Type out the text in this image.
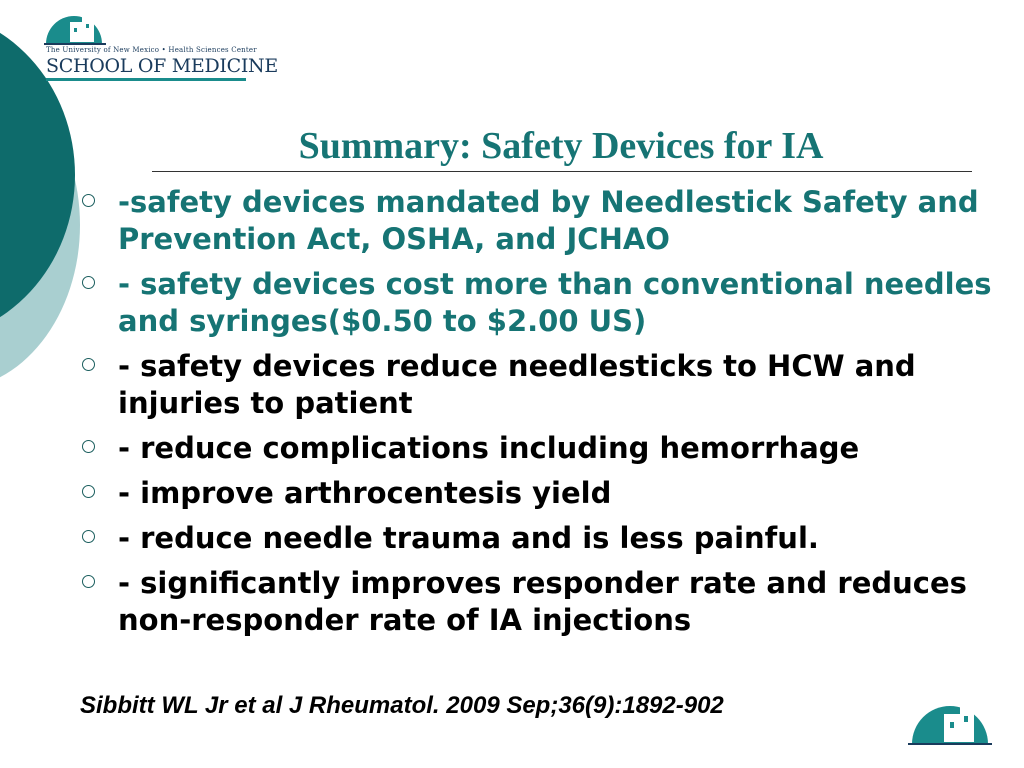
The University of New Mexico • Health Sciences Center
SCHOOL OF MEDICINE
Summary: Safety Devices for IA
-safety devices mandated by Needlestick Safety and Prevention Act, OSHA, and JCHAO
- safety devices cost more than conventional needles and syringes($0.50 to $2.00 US)
- safety devices reduce needlesticks to HCW and injuries to patient
- reduce complications including hemorrhage
- improve arthrocentesis yield
- reduce needle trauma and is less painful.
- significantly improves responder rate and reduces non-responder rate of IA injections
Sibbitt WL Jr et al J Rheumatol. 2009 Sep;36(9):1892-902
